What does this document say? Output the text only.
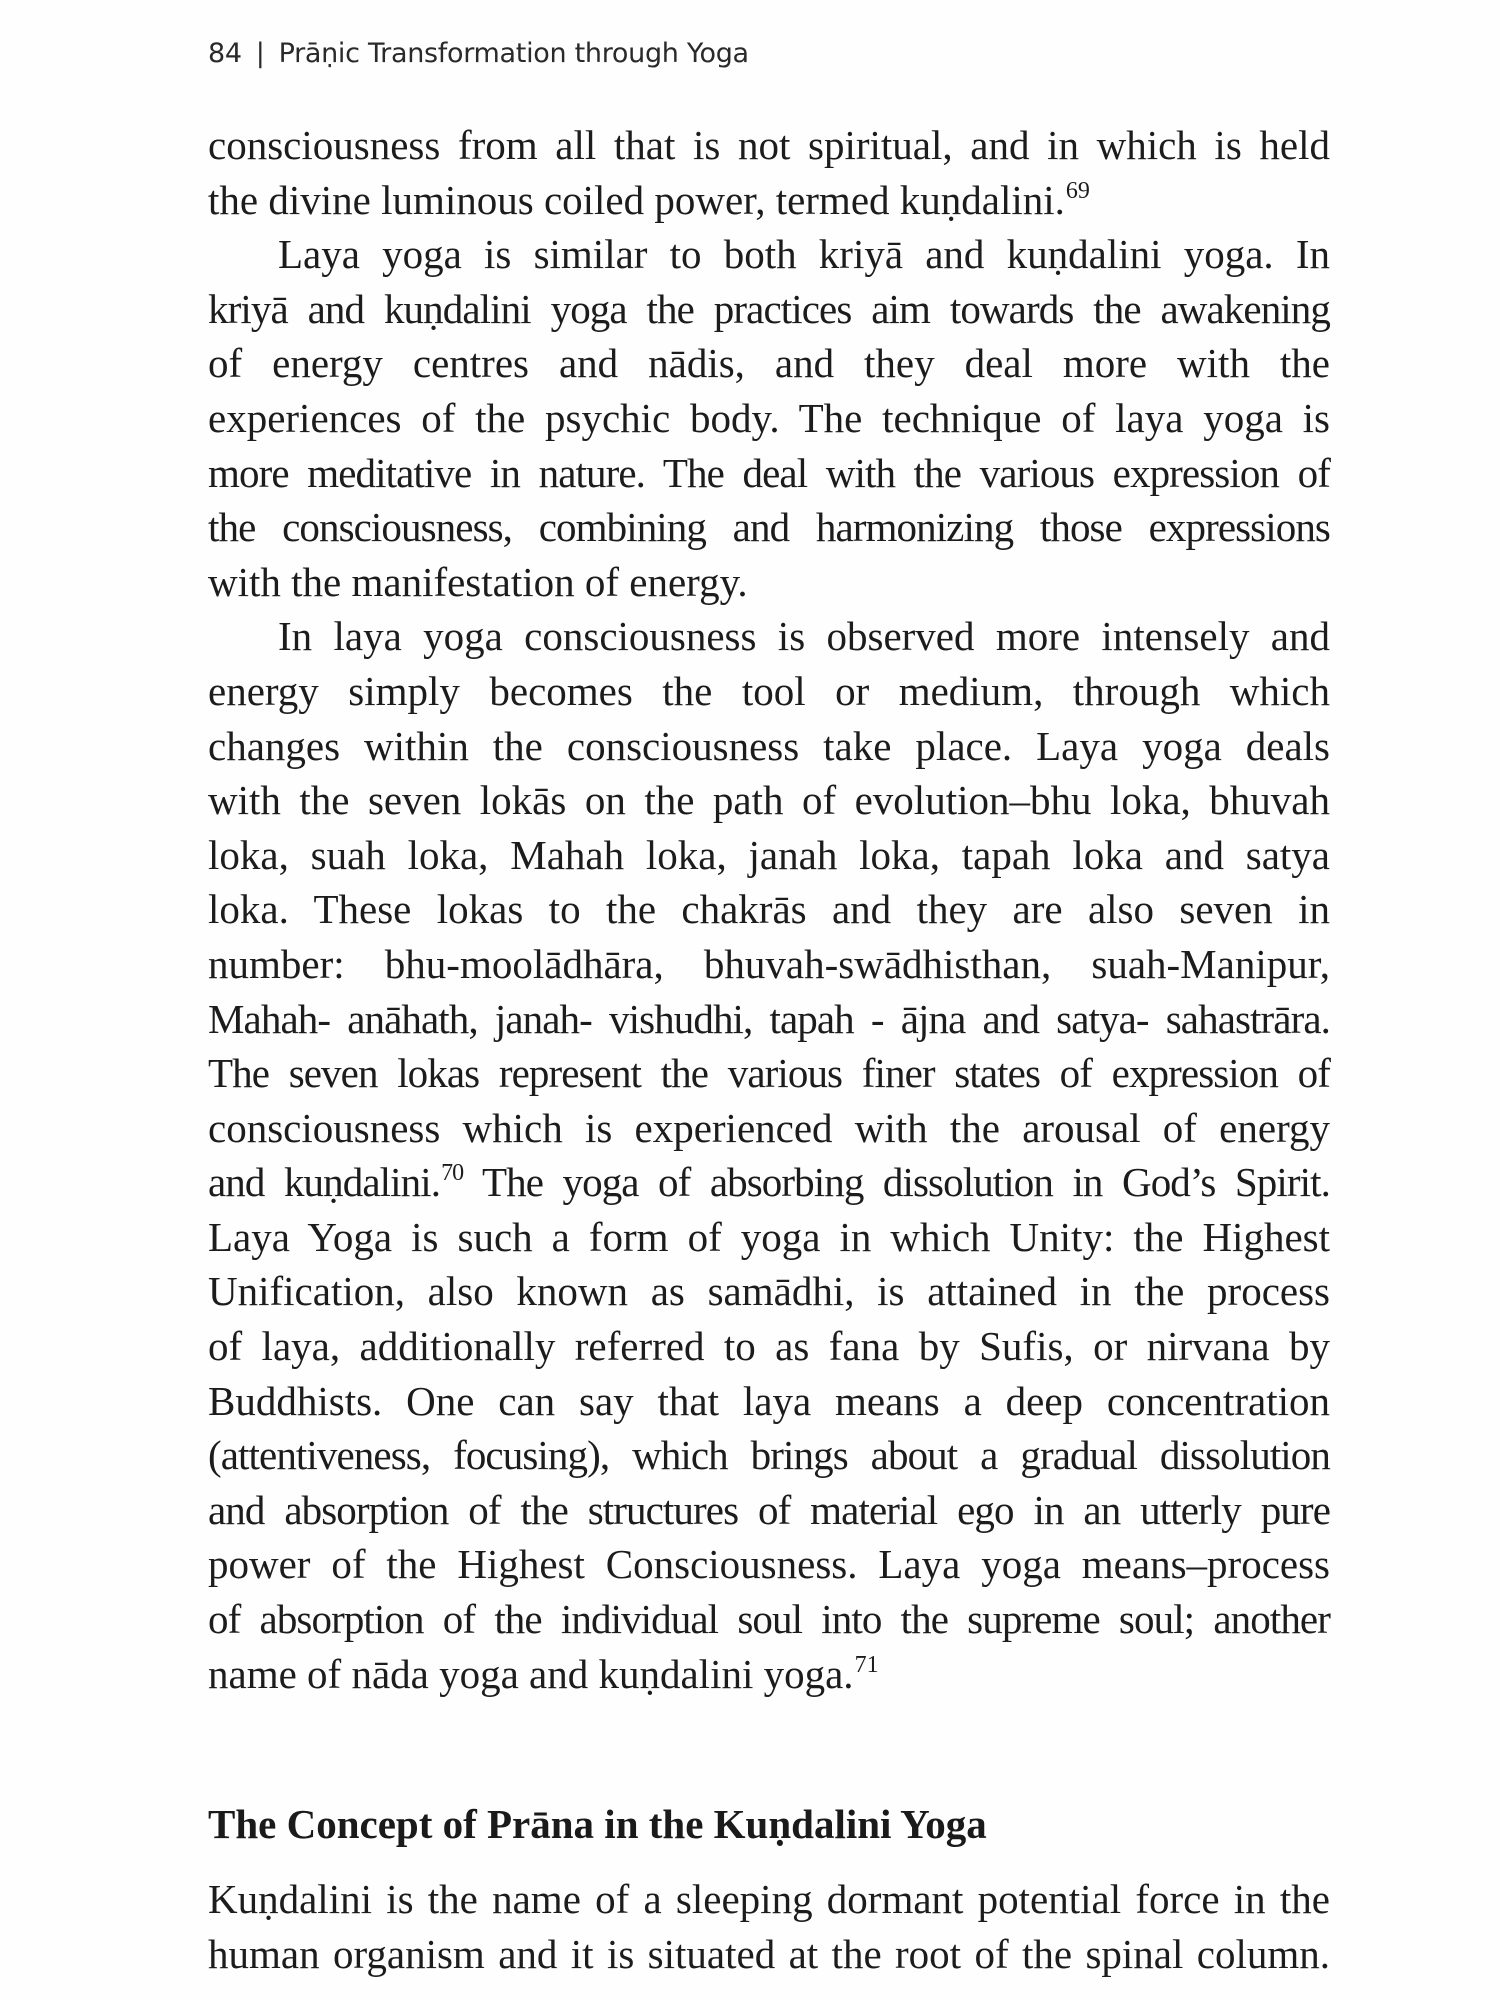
84 | Prāṇic Transformation through Yoga
consciousness from all that is not spiritual, and in which is held
the divine luminous coiled power, termed kuṇdalini.$^{69}$
Laya yoga is similar to both kriyā and kuṇdalini yoga. In
kriyā and kuṇdalini yoga the practices aim towards the awakening
of energy centres and nādis, and they deal more with the
experiences of the psychic body. The technique of laya yoga is
more meditative in nature. The deal with the various expression of
the consciousness, combining and harmonizing those expressions
with the manifestation of energy.
In laya yoga consciousness is observed more intensely and
energy simply becomes the tool or medium, through which
changes within the consciousness take place. Laya yoga deals
with the seven lokās on the path of evolution–bhu loka, bhuvah
loka, suah loka, Mahah loka, janah loka, tapah loka and satya
loka. These lokas to the chakrās and they are also seven in
number: bhu-moolādhāra, bhuvah-swādhisthan, suah-Manipur,
Mahah- anāhath, janah- vishudhi, tapah - ājna and satya- sahastrāra.
The seven lokas represent the various finer states of expression of
consciousness which is experienced with the arousal of energy
and kuṇdalini.$^{70}$ The yoga of absorbing dissolution in God’s Spirit.
Laya Yoga is such a form of yoga in which Unity: the Highest
Unification, also known as samādhi, is attained in the process
of laya, additionally referred to as fana by Sufis, or nirvana by
Buddhists. One can say that laya means a deep concentration
(attentiveness, focusing), which brings about a gradual dissolution
and absorption of the structures of material ego in an utterly pure
power of the Highest Consciousness. Laya yoga means–process
of absorption of the individual soul into the supreme soul; another
name of nāda yoga and kuṇdalini yoga.$^{71}$
The Concept of Prāna in the Kuṇdalini Yoga
Kuṇdalini is the name of a sleeping dormant potential force in the
human organism and it is situated at the root of the spinal column.
